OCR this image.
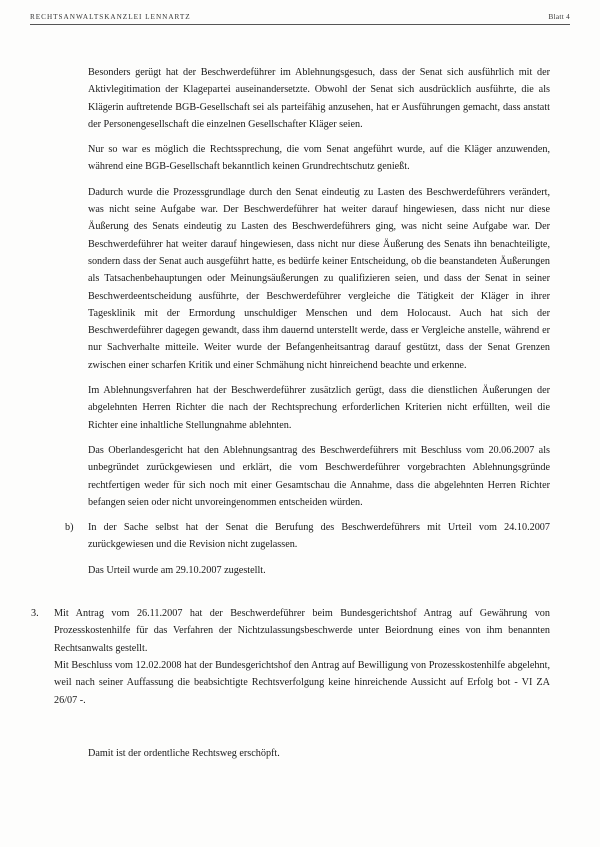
RECHTSANWALTSKANZLEI LENNARTZ	Blatt 4

Besonders gerügt hat der Beschwerdeführer im Ablehnungsgesuch, dass der Senat sich ausführlich mit der Aktivlegitimation der Klagepartei auseinandersetzte. Obwohl der Senat sich ausdrücklich ausführte, die als Klägerin auftretende BGB-Gesellschaft sei als parteifähig anzusehen, hat er Ausführungen gemacht, dass anstatt der Personengesellschaft die einzelnen Gesellschafter Kläger seien.

Nur so war es möglich die Rechtssprechung, die vom Senat angeführt wurde, auf die Kläger anzuwenden, während eine BGB-Gesellschaft bekanntlich keinen Grundrechtschutz genießt.

Dadurch wurde die Prozessgrundlage durch den Senat eindeutig zu Lasten des Beschwerdeführers verändert, was nicht seine Aufgabe war. Der Beschwerdeführer hat weiter darauf hingewiesen, dass nicht nur diese Äußerung des Senats eindeutig zu Lasten des Beschwerdeführers ging, was nicht seine Aufgabe war. Der Beschwerdeführer hat weiter darauf hingewiesen, dass nicht nur diese Äußerung des Senats ihn benachteiligte, sondern dass der Senat auch ausgeführt hatte, es bedürfe keiner Entscheidung, ob die beanstandeten Äußerungen als Tatsachenbehauptungen oder Meinungsäußerungen zu qualifizieren seien, und dass der Senat in seiner Beschwerdeentscheidung ausführte, der Beschwerdeführer vergleiche die Tätigkeit der Kläger in ihrer Tagesklinik mit der Ermordung unschuldiger Menschen und dem Holocaust. Auch hat sich der Beschwerdeführer dagegen gewandt, dass ihm dauernd unterstellt werde, dass er Vergleiche anstelle, während er nur Sachverhalte mitteile. Weiter wurde der Befangenheitsantrag darauf gestützt, dass der Senat Grenzen zwischen einer scharfen Kritik und einer Schmähung nicht hinreichend beachte und erkenne.

Im Ablehnungsverfahren hat der Beschwerdeführer zusätzlich gerügt, dass die dienstlichen Äußerungen der abgelehnten Herren Richter die nach der Rechtsprechung erforderlichen Kriterien nicht erfüllten, weil die Richter eine inhaltliche Stellungnahme ablehnten.

Das Oberlandesgericht hat den Ablehnungsantrag des Beschwerdeführers mit Beschluss vom 20.06.2007 als unbegründet zurückgewiesen und erklärt, die vom Beschwerdeführer vorgebrachten Ablehnungsgründe rechtfertigen weder für sich noch mit einer Gesamtschau die Annahme, dass die abgelehnten Herren Richter befangen seien oder nicht unvoreingenommen entscheiden würden.

b) In der Sache selbst hat der Senat die Berufung des Beschwerdeführers mit Urteil vom 24.10.2007 zurückgewiesen und die Revision nicht zugelassen.

Das Urteil wurde am 29.10.2007 zugestellt.

3. Mit Antrag vom 26.11.2007 hat der Beschwerdeführer beim Bundesgerichtshof Antrag auf Gewährung von Prozesskostenhilfe für das Verfahren der Nichtzulassungsbeschwerde unter Beiordnung eines von ihm benannten Rechtsanwalts gestellt.

Mit Beschluss vom 12.02.2008 hat der Bundesgerichtshof den Antrag auf Bewilligung von Prozesskostenhilfe abgelehnt, weil nach seiner Auffassung die beabsichtigte Rechtsverfolgung keine hinreichende Aussicht auf Erfolg bot - VI ZA 26/07 -.

Damit ist der ordentliche Rechtsweg erschöpft.
